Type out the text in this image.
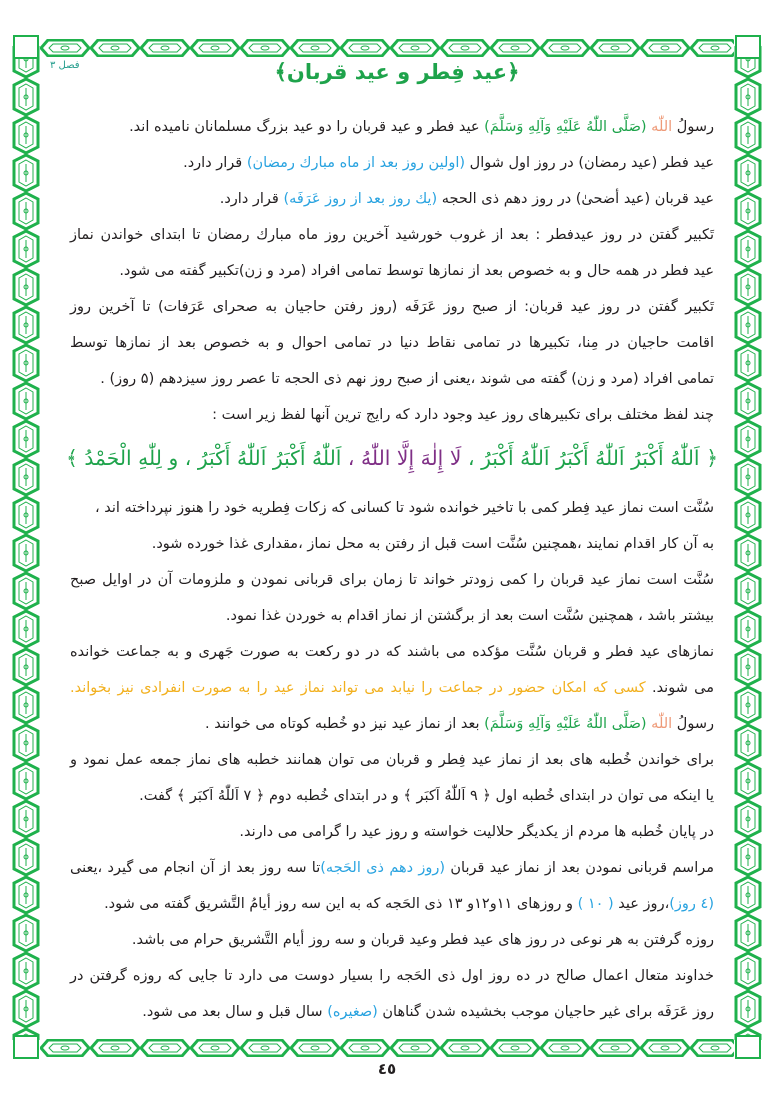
فصل ۳	﴿عید فِطر و عید قربان﴾
رسولُ اللّٰه (صَلَّى اللّٰهُ عَلَيْهِ وَآلِهِ وَسَلَّمَ) عید فطر و عید قربان را دو عید بزرگ مسلمانان نامیده اند.
عید فطر (عید رمضان) در روز اول شوال (اولین روز بعد از ماه مبارك رمضان) قرار دارد.
عید قربان (عید أضحیٰ) در روز دهم ذی الحجه (یك روز بعد از روز عَرَفَه) قرار دارد.
تَکبیر گفتن در روز عیدفطر : بعد از غروب خورشید آخرین روز ماه مبارك رمضان تا ابتدای خواندن نماز
عید فطر در همه حال و به خصوص بعد از نمازها توسط تمامی افراد (مرد و زن)تکبیر گفته می شود.
تَکبیر گفتن در روز عید قربان: از صبح روز عَرَفَه (روز رفتن حاجیان به صحرای عَرَفات) تا آخرین روز
اقامت حاجیان در مِنا، تکبیرها در تمامی نقاط دنیا در تمامی احوال و به خصوص بعد از نمازها توسط
تمامی افراد (مرد و زن) گفته می شوند ،یعنی از صبح روز نهم ذی الحجه تا عصر روز سیزدهم (۵ روز) .
چند لفظ مختلف برای تکبیرهای روز عید وجود دارد که رایج ترین آنها لفظ زیر است :
سُنَّت است نماز عید فِطر کمی با تاخیر خوانده شود تا کسانی که زکات فِطریه خود را هنوز نپرداخته اند ،
به آن کار اقدام نمایند ،همچنین سُنَّت است قبل از رفتن به محل نماز ،مقداری غذا خورده شود.
سُنَّت است نماز عید قربان را کمی زودتر خواند تا زمان برای قربانی نمودن و ملزومات آن در اوایل صبح
بیشتر باشد ، همچنین سُنَّت است بعد از برگشتن از نماز اقدام به خوردن غذا نمود.
نمازهای عید فطر و قربان سُنَّت مؤکده می باشند که در دو رکعت به صورت جَهری و به جماعت خوانده
می شوند. کسی که امکان حضور در جماعت را نیابد می تواند نماز عید را به صورت انفرادی نیز بخواند.
رسولُ اللّٰه (صَلَّى اللّٰهُ عَلَيْهِ وَآلِهِ وَسَلَّمَ) بعد از نماز عید نیز دو خُطبه کوتاه می خوانند .
برای خواندن خُطبه های بعد از نماز عید فِطر و قربان می توان همانند خطبه های نماز جمعه عمل نمود و
یا اینکه می توان در ابتدای خُطبه اول ﴿ ۹ اَللّٰهُ اَکبَر ﴾ و در ابتدای خُطبه دوم ﴿ ۷ اَللّٰهُ اَکبَر ﴾ گفت.
در پایان خُطبه ها مردم از یکدیگر حلالیت خواسته و روز عید را گرامی می دارند.
مراسم قربانی نمودن بعد از نماز عید قربان (روز دهم ذی الحَجه)تا سه روز بعد از آن انجام می گیرد ،یعنی
(٤ روز)،روز عید ( ۱۰ ) و روزهای ۱۱و۱۲و ۱۳ ذی الحَجه که به این سه روز أیامُ التَّشریق گفته می شود.
روزه گرفتن به هر نوعی در روز های عید فطر وعید قربان و سه روز أیام التَّشریق حرام می باشد.
خداوند متعال اعمال صالح در ده روز اول ذی الحَجه را بسیار دوست می دارد تا جایی که روزه گرفتن در
روز عَرَفَه برای غیر حاجیان موجب بخشیده شدن گناهان (صغیره) سال قبل و سال بعد می شود.
﴿ اَللّٰهُ أَکْبَرُ اَللّٰهُ أَکْبَرُ اَللّٰهُ أَکْبَرُ ، لَا إِلٰهَ إِلَّا اللّٰهُ ، اَللّٰهُ أَکْبَرُ اَللّٰهُ أَکْبَرُ ، و لِلّٰهِ الْحَمْدُ ﴾
٤٥
